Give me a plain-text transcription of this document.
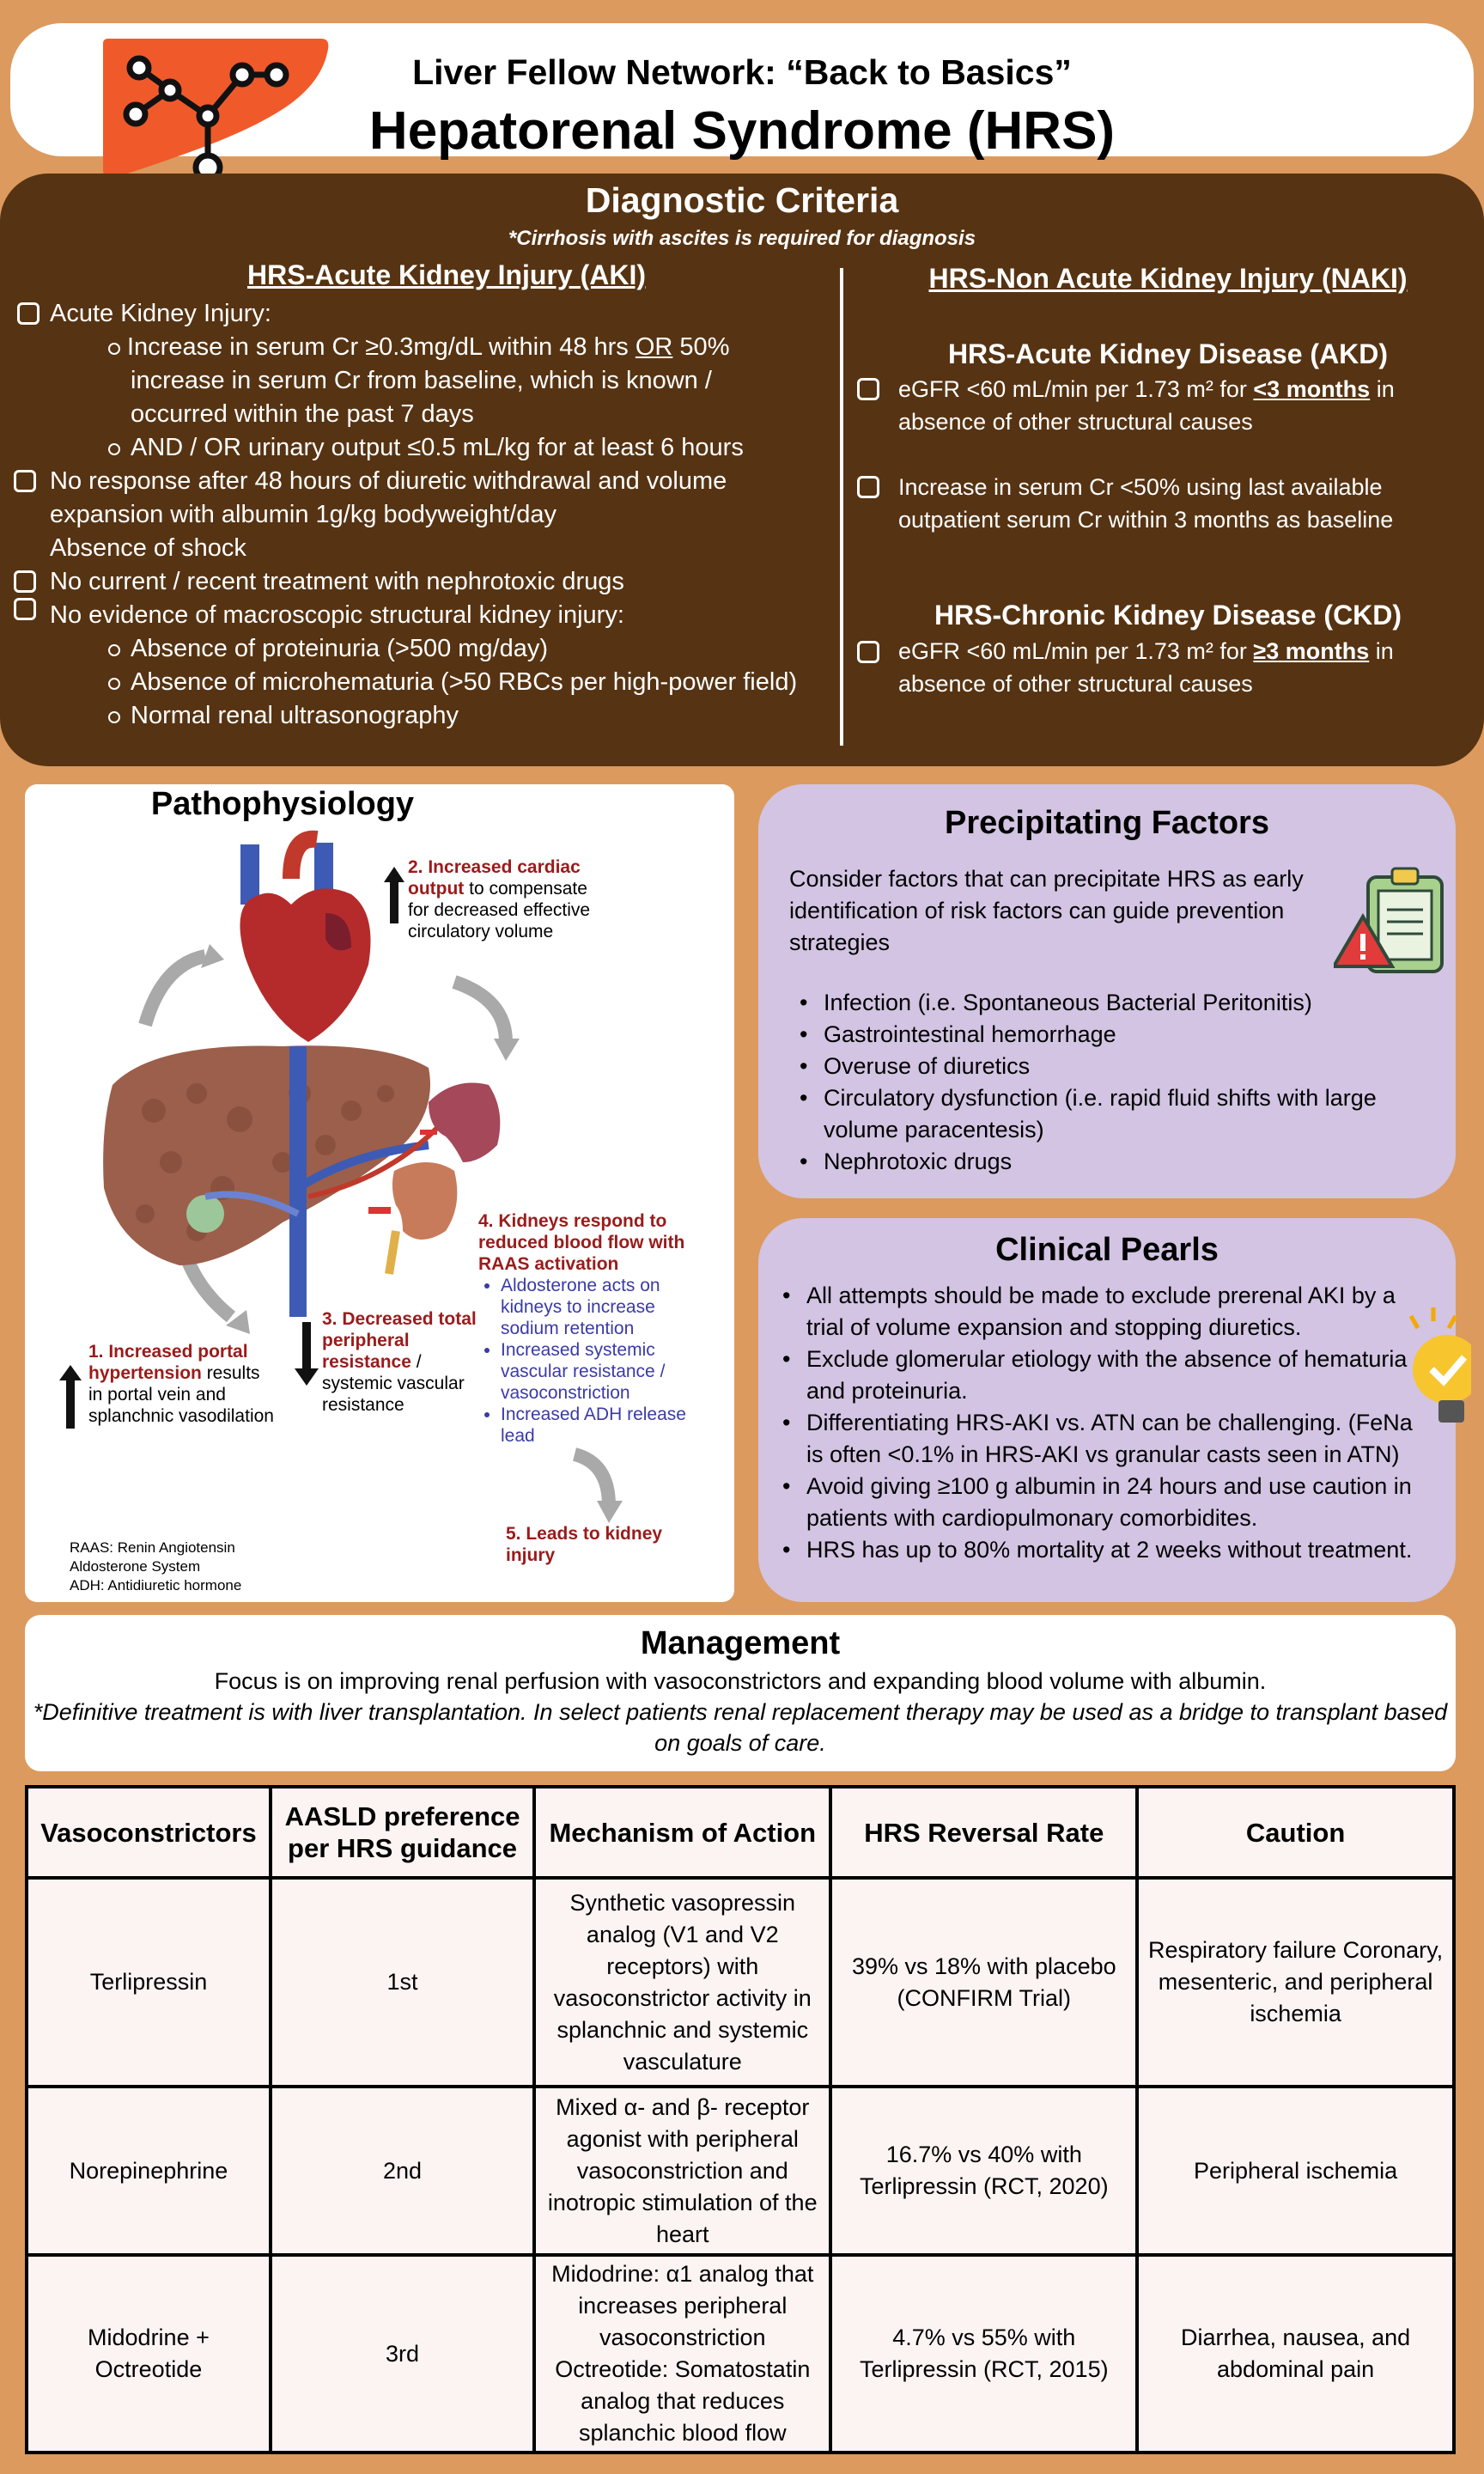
Liver Fellow Network: “Back to Basics”
Hepatorenal Syndrome (HRS)
Diagnostic Criteria
*Cirrhosis with ascites is required for diagnosis
HRS-Acute Kidney Injury (AKI)
Acute Kidney Injury:
Increase in serum Cr ≥0.3mg/dL within 48 hrs OR 50%
increase in serum Cr from baseline, which is known /
occurred within the past 7 days
AND / OR urinary output ≤0.5 mL/kg for at least 6 hours
No response after 48 hours of diuretic withdrawal and volume
expansion with albumin 1g/kg bodyweight/day
Absence of shock
No current / recent treatment with nephrotoxic drugs
No evidence of macroscopic structural kidney injury:
Absence of proteinuria (>500 mg/day)
Absence of microhematuria (>50 RBCs per high-power field)
Normal renal ultrasonography
HRS-Non Acute Kidney Injury (NAKI)
HRS-Acute Kidney Disease (AKD)
eGFR <60 mL/min per 1.73 m² for <3 months in
absence of other structural causes
Increase in serum Cr <50% using last available
outpatient serum Cr within 3 months as baseline
HRS-Chronic Kidney Disease (CKD)
eGFR <60 mL/min per 1.73 m² for ≥3 months in
absence of other structural causes
Pathophysiology
2. Increased cardiac output to compensate for decreased effective circulatory volume
1. Increased portal hypertension results in portal vein and splanchnic vasodilation
3. Decreased total peripheral resistance / systemic vascular resistance
4. Kidneys respond to reduced blood flow with RAAS activation
• Aldosterone acts on kidneys to increase sodium retention
• Increased systemic vascular resistance / vasoconstriction
• Increased ADH release lead
5. Leads to kidney injury
RAAS: Renin Angiotensin
Aldosterone System
ADH: Antidiuretic hormone
Precipitating Factors
Consider factors that can precipitate HRS as early identification of risk factors can guide prevention strategies
• Infection (i.e. Spontaneous Bacterial Peritonitis)
• Gastrointestinal hemorrhage
• Overuse of diuretics
• Circulatory dysfunction (i.e. rapid fluid shifts with large volume paracentesis)
• Nephrotoxic drugs
Clinical Pearls
• All attempts should be made to exclude prerenal AKI by a trial of volume expansion and stopping diuretics.
• Exclude glomerular etiology with the absence of hematuria and proteinuria.
• Differentiating HRS-AKI vs. ATN can be challenging. (FeNa is often <0.1% in HRS-AKI vs granular casts seen in ATN)
• Avoid giving ≥100 g albumin in 24 hours and use caution in patients with cardiopulmonary comorbidites.
• HRS has up to 80% mortality at 2 weeks without treatment.
Management
Focus is on improving renal perfusion with vasoconstrictors and expanding blood volume with albumin.
*Definitive treatment is with liver transplantation. In select patients renal replacement therapy may be used as a bridge to transplant based on goals of care.
Vasoconstrictors	AASLD preference per HRS guidance	Mechanism of Action	HRS Reversal Rate	Caution
Terlipressin	1st	Synthetic vasopressin analog (V1 and V2 receptors) with vasoconstrictor activity in splanchnic and systemic vasculature	39% vs 18% with placebo (CONFIRM Trial)	Respiratory failure Coronary, mesenteric, and peripheral ischemia
Norepinephrine	2nd	Mixed α- and β- receptor agonist with peripheral vasoconstriction and inotropic stimulation of the heart	16.7% vs 40% with Terlipressin (RCT, 2020)	Peripheral ischemia
Midodrine + Octreotide	3rd	Midodrine: α1 analog that increases peripheral vasoconstriction Octreotide: Somatostatin analog that reduces splanchic blood flow	4.7% vs 55% with Terlipressin (RCT, 2015)	Diarrhea, nausea, and abdominal pain
